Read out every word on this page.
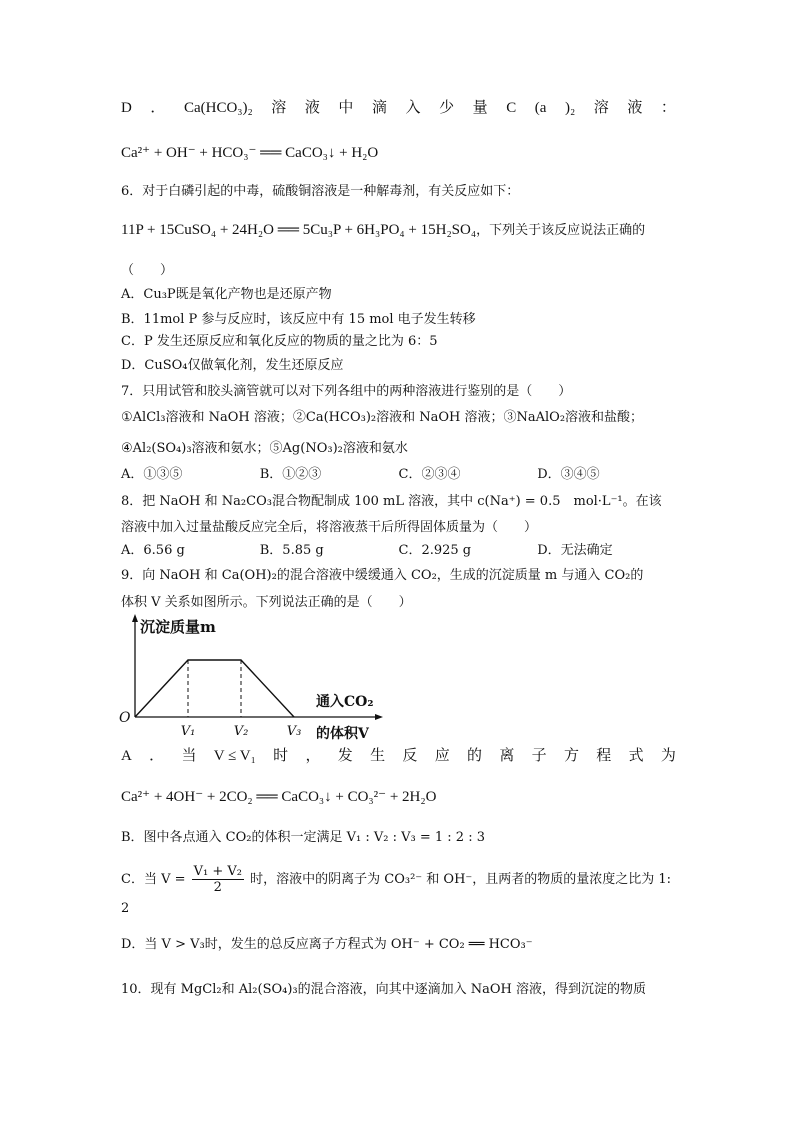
D ． Ca(HCO₃)₂ 溶 液 中 滴 入 少 量 C (a )₂ 溶 液 ：
Ca²⁺ + OH⁻ + HCO₃⁻ ══ CaCO₃↓ + H₂O
6．对于白磷引起的中毒，硫酸铜溶液是一种解毒剂，有关反应如下：
11P + 15CuSO₄ + 24H₂O ══ 5Cu₃P + 6H₃PO₄ + 15H₂SO₄，下列关于该反应说法正确的
（　　）
A．Cu₃P既是氧化产物也是还原产物
B．11mol P 参与反应时，该反应中有 15 mol 电子发生转移
C．P 发生还原反应和氧化反应的物质的量之比为 6：5
D．CuSO₄仅做氧化剂，发生还原反应
7．只用试管和胶头滴管就可以对下列各组中的两种溶液进行鉴别的是（　　）
①AlCl₃溶液和 NaOH 溶液；②Ca(HCO₃)₂溶液和 NaOH 溶液；③NaAlO₂溶液和盐酸；
④Al₂(SO₄)₃溶液和氨水；⑤Ag(NO₃)₂溶液和氨水
A．①③⑤	B．①②③	C．②③④	D．③④⑤
8．把 NaOH 和 Na₂CO₃混合物配制成 100 mL 溶液，其中 c(Na⁺) = 0.5　mol·L⁻¹。在该
溶液中加入过量盐酸反应完全后，将溶液蒸干后所得固体质量为（　　）
A．6.56 g	B．5.85 g	C．2.925 g	D．无法确定
9．向 NaOH 和 Ca(OH)₂的混合溶液中缓缓通入 CO₂，生成的沉淀质量 m 与通入 CO₂的
体积 V 关系如图所示。下列说法正确的是（　　）
沉淀质量m
通入CO₂
的体积V
O
V₁	V₂	V₃
A ． 当 V ≤ V₁ 时 ， 发 生 反 应 的 离 子 方 程 式 为
Ca²⁺ + 4OH⁻ + 2CO₂ ══ CaCO₃↓ + CO₃²⁻ + 2H₂O
B．图中各点通入 CO₂的体积一定满足 V₁ : V₂ : V₃ = 1 : 2 : 3
C．当 $V = \frac{\text{V₁ + V₂}}{2}$ 时，溶液中的阴离子为 CO₃²⁻ 和 OH⁻，且两者的物质的量浓度之比为 1:
2
D．当 V > V₃时，发生的总反应离子方程式为 OH⁻ + CO₂ ══ HCO₃⁻
10．现有 MgCl₂和 Al₂(SO₄)₃的混合溶液，向其中逐滴加入 NaOH 溶液，得到沉淀的物质
